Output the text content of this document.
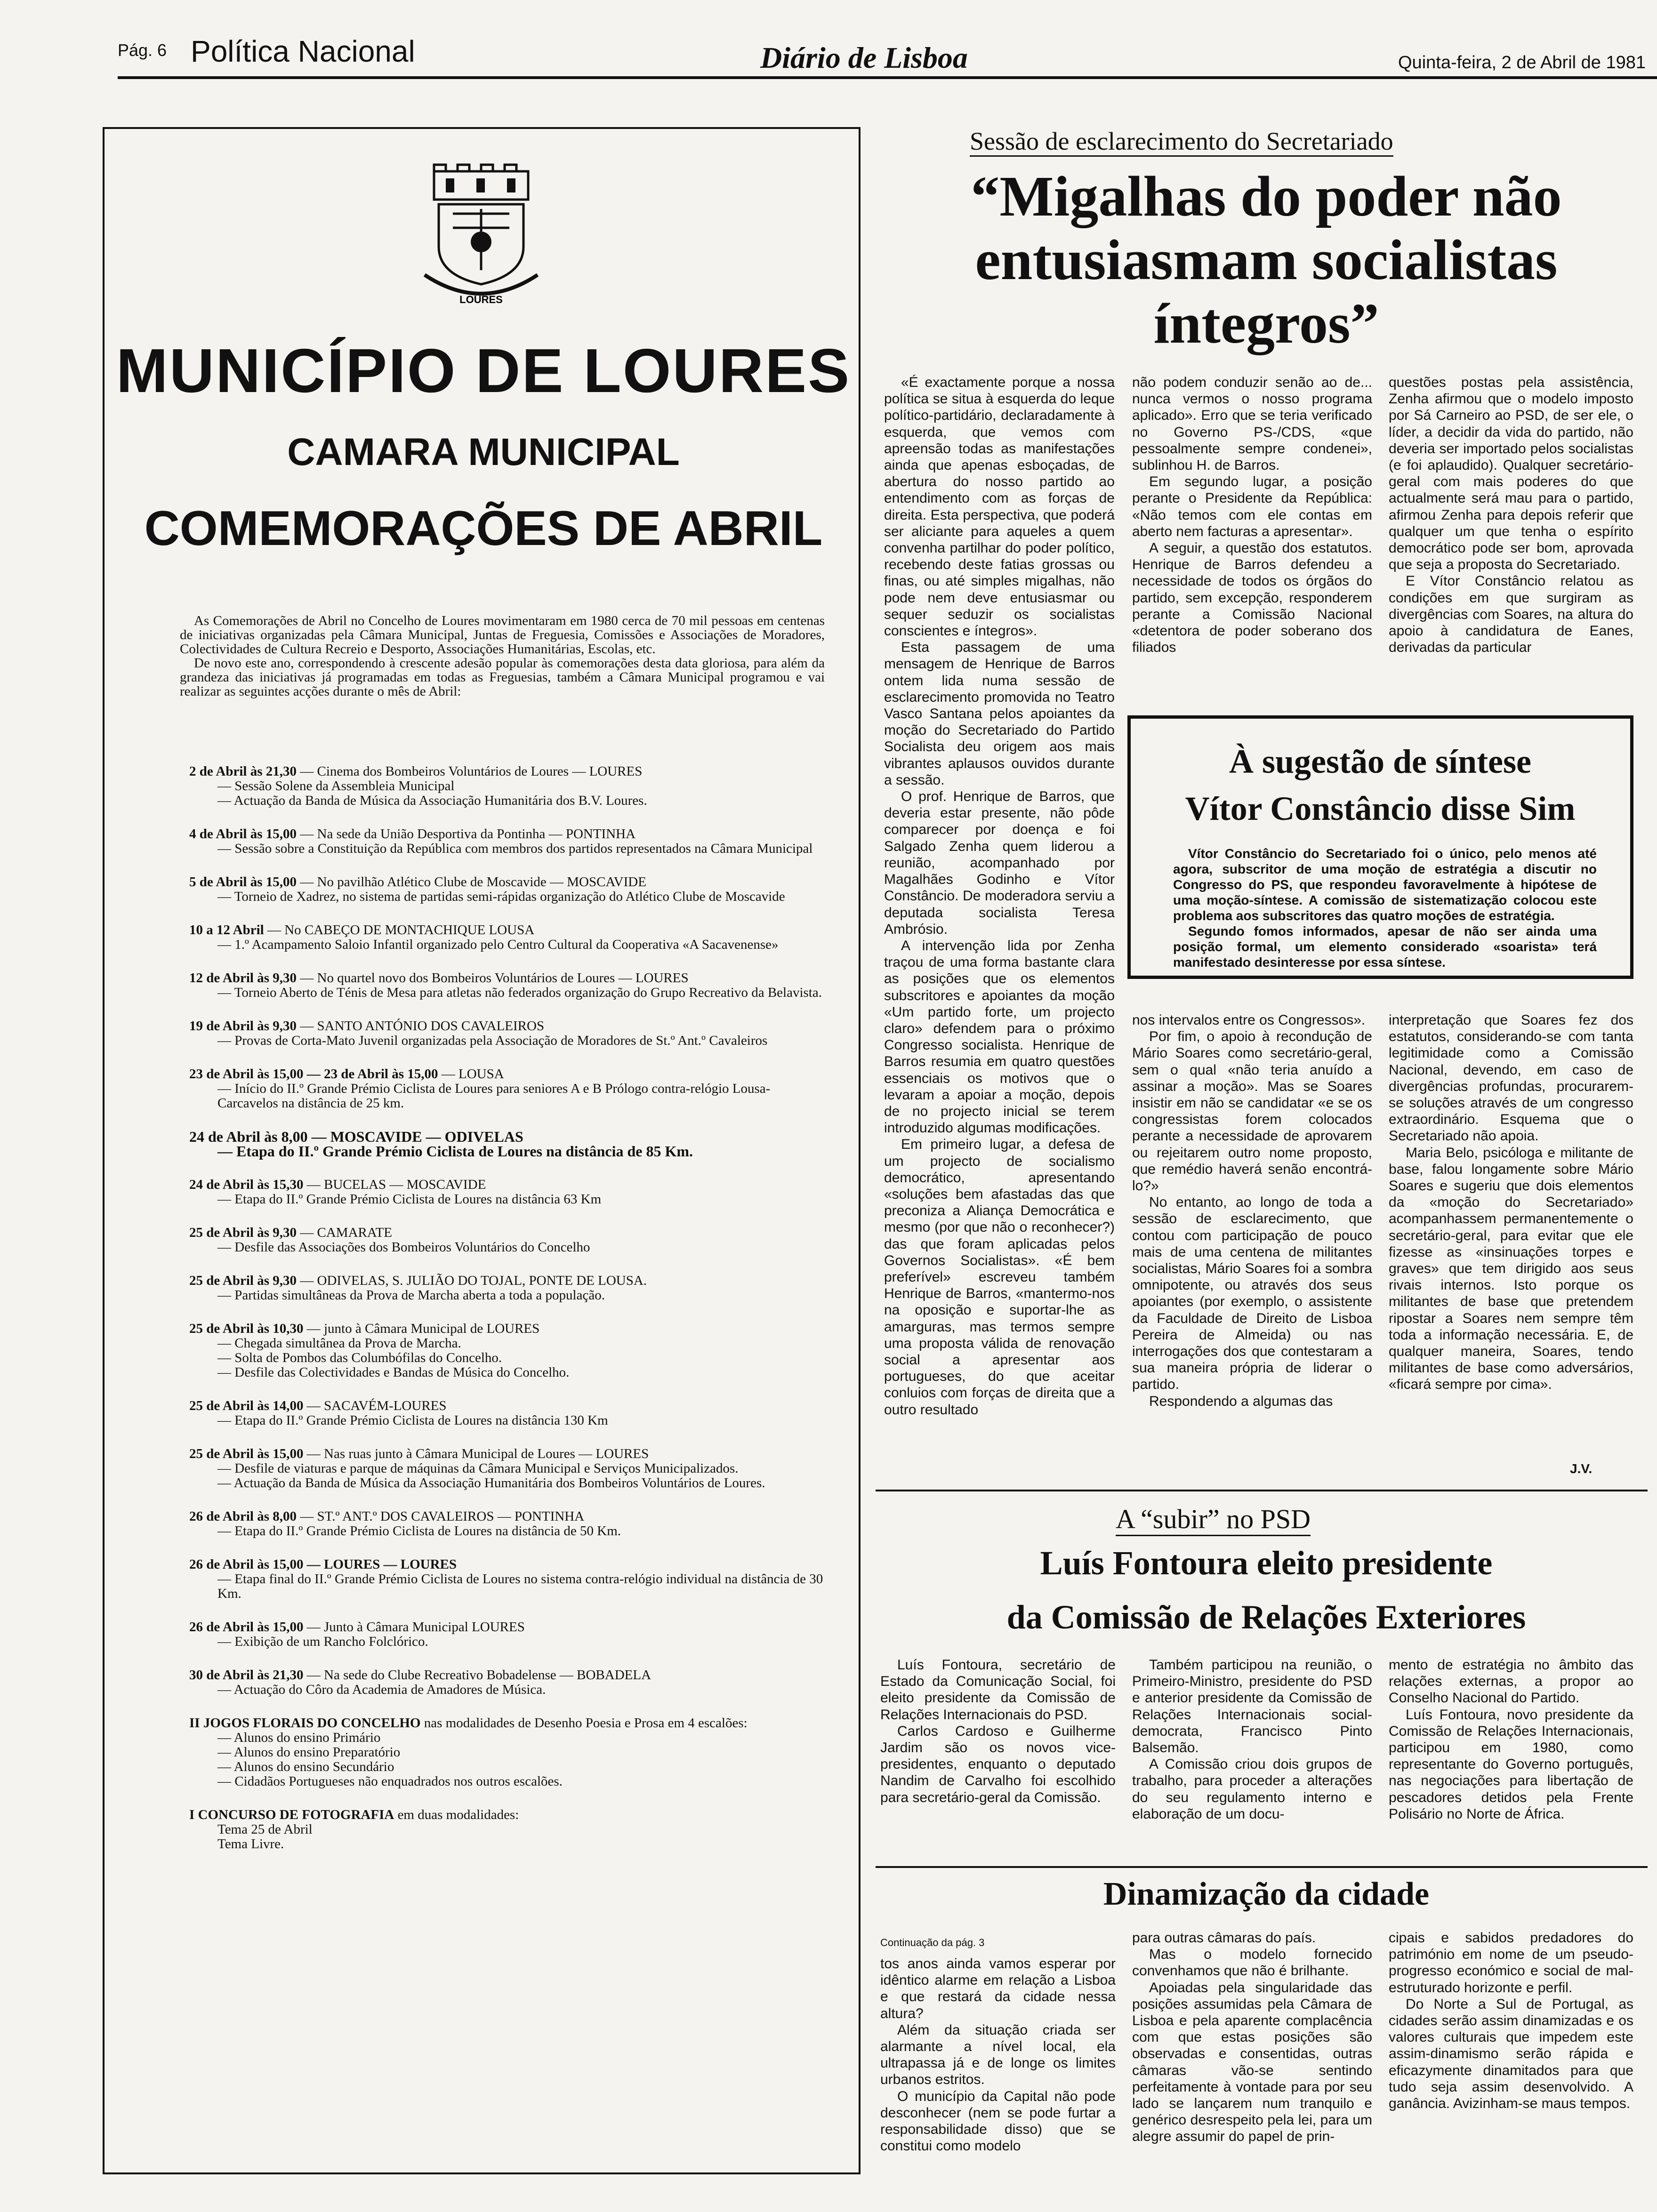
Pág. 6 Política Nacional	Diário de Lisboa	Quinta-feira, 2 de Abril de 1981
LOURES
MUNICÍPIO DE LOURES
CAMARA MUNICIPAL
COMEMORAÇÕES DE ABRIL

As Comemorações de Abril no Concelho de Loures movimentaram em 1980 cerca de 70 mil pessoas em centenas de iniciativas organizadas pela Câmara Municipal, Juntas de Freguesia, Comissões e Associações de Moradores, Colectividades de Cultura Recreio e Desporto, Associações Humanitárias, Escolas, etc.

De novo este ano, correspondendo à crescente adesão popular às comemorações desta data gloriosa, para além da grandeza das iniciativas já programadas em todas as Freguesias, também a Câmara Municipal programou e vai realizar as seguintes acções durante o mês de Abril:

2 de Abril às 21,30 — Cinema dos Bombeiros Voluntários de Loures — LOURES
— Sessão Solene da Assembleia Municipal
— Actuação da Banda de Música da Associação Humanitária dos B.V. Loures.
4 de Abril às 15,00 — Na sede da União Desportiva da Pontinha — PONTINHA
— Sessão sobre a Constituição da República com membros dos partidos representados na Câmara Municipal
5 de Abril às 15,00 — No pavilhão Atlético Clube de Moscavide — MOSCAVIDE
— Torneio de Xadrez, no sistema de partidas semi-rápidas organização do Atlético Clube de Moscavide
10 a 12 Abril — No CABEÇO DE MONTACHIQUE LOUSA
— 1.º Acampamento Saloio Infantil organizado pelo Centro Cultural da Cooperativa «A Sacavenense»
12 de Abril às 9,30 — No quartel novo dos Bombeiros Voluntários de Loures — LOURES
— Torneio Aberto de Ténis de Mesa para atletas não federados organização do Grupo Recreativo da Belavista.
19 de Abril às 9,30 — SANTO ANTÓNIO DOS CAVALEIROS
— Provas de Corta-Mato Juvenil organizadas pela Associação de Moradores de St.º Ant.º Cavaleiros
23 de Abril às 15,00 — 23 de Abril às 15,00 — LOUSA
— Início do II.º Grande Prémio Ciclista de Loures para seniores A e B Prólogo contra-relógio Lousa-Carcavelos na distância de 25 km.
24 de Abril às 8,00 — MOSCAVIDE — ODIVELAS
— Etapa do II.º Grande Prémio Ciclista de Loures na distância de 85 Km.
24 de Abril às 15,30 — BUCELAS — MOSCAVIDE
— Etapa do II.º Grande Prémio Ciclista de Loures na distância 63 Km
25 de Abril às 9,30 — CAMARATE
— Desfile das Associações dos Bombeiros Voluntários do Concelho
25 de Abril às 9,30 — ODIVELAS, S. JULIÃO DO TOJAL, PONTE DE LOUSA.
— Partidas simultâneas da Prova de Marcha aberta a toda a população.
25 de Abril às 10,30 — junto à Câmara Municipal de LOURES
— Chegada simultânea da Prova de Marcha.
— Solta de Pombos das Columbófilas do Concelho.
— Desfile das Colectividades e Bandas de Música do Concelho.
25 de Abril às 14,00 — SACAVÉM-LOURES
— Etapa do II.º Grande Prémio Ciclista de Loures na distância 130 Km
25 de Abril às 15,00 — Nas ruas junto à Câmara Municipal de Loures — LOURES
— Desfile de viaturas e parque de máquinas da Câmara Municipal e Serviços Municipalizados.
— Actuação da Banda de Música da Associação Humanitária dos Bombeiros Voluntários de Loures.
26 de Abril às 8,00 — ST.º ANT.º DOS CAVALEIROS — PONTINHA
— Etapa do II.º Grande Prémio Ciclista de Loures na distância de 50 Km.
26 de Abril às 15,00 — LOURES — LOURES
— Etapa final do II.º Grande Prémio Ciclista de Loures no sistema contra-relógio individual na distância de 30 Km.
26 de Abril às 15,00 — Junto à Câmara Municipal LOURES
— Exibição de um Rancho Folclórico.
30 de Abril às 21,30 — Na sede do Clube Recreativo Bobadelense — BOBADELA
— Actuação do Côro da Academia de Amadores de Música.
II JOGOS FLORAIS DO CONCELHO nas modalidades de Desenho Poesia e Prosa em 4 escalões:
— Alunos do ensino Primário
— Alunos do ensino Preparatório
— Alunos do ensino Secundário
— Cidadãos Portugueses não enquadrados nos outros escalões.
I CONCURSO DE FOTOGRAFIA em duas modalidades:
Tema 25 de Abril
Tema Livre.
Sessão de esclarecimento do Secretariado
“Migalhas do poder não entusiasmam socialistas íntegros”

«É exactamente porque a nossa política se situa à esquerda do leque político-partidário, declaradamente à esquerda, que vemos com apreensão todas as manifestações ainda que apenas esboçadas, de abertura do nosso partido ao entendimento com as forças de direita. Esta perspectiva, que poderá ser aliciante para aqueles a quem convenha partilhar do poder político, recebendo deste fatias grossas ou finas, ou até simples migalhas, não pode nem deve entusiasmar ou sequer seduzir os socialistas conscientes e íntegros».

Esta passagem de uma mensagem de Henrique de Barros ontem lida numa sessão de esclarecimento promovida no Teatro Vasco Santana pelos apoiantes da moção do Secretariado do Partido Socialista deu origem aos mais vibrantes aplausos ouvidos durante a sessão.

O prof. Henrique de Barros, que deveria estar presente, não pôde comparecer por doença e foi Salgado Zenha quem liderou a reunião, acompanhado por Magalhães Godinho e Vítor Constâncio. De moderadora serviu a deputada socialista Teresa Ambrósio.

A intervenção lida por Zenha traçou de uma forma bastante clara as posições que os elementos subscritores e apoiantes da moção «Um partido forte, um projecto claro» defendem para o próximo Congresso socialista. Henrique de Barros resumia em quatro questões essenciais os motivos que o levaram a apoiar a moção, depois de no projecto inicial se terem introduzido algumas modificações.

Em primeiro lugar, a defesa de um projecto de socialismo democrático, apresentando «soluções bem afastadas das que preconiza a Aliança Democrática e mesmo (por que não o reconhecer?) das que foram aplicadas pelos Governos Socialistas». «É bem preferível» escreveu também Henrique de Barros, «mantermo-nos na oposição e suportar-lhe as amarguras, mas termos sempre uma proposta válida de renovação social a apresentar aos portugueses, do que aceitar conluios com forças de direita que a outro resultado

não podem conduzir senão ao de... nunca vermos o nosso programa aplicado». Erro que se teria verificado no Governo PS-/CDS, «que pessoalmente sempre condenei», sublinhou H. de Barros.

Em segundo lugar, a posição perante o Presidente da República: «Não temos com ele contas em aberto nem facturas a apresentar».

A seguir, a questão dos estatutos. Henrique de Barros defendeu a necessidade de todos os órgãos do partido, sem excepção, responderem perante a Comissão Nacional «detentora de poder soberano dos filiados

questões postas pela assistência, Zenha afirmou que o modelo imposto por Sá Carneiro ao PSD, de ser ele, o líder, a decidir da vida do partido, não deveria ser importado pelos socialistas (e foi aplaudido). Qualquer secretário-geral com mais poderes do que actualmente será mau para o partido, afirmou Zenha para depois referir que qualquer um que tenha o espírito democrático pode ser bom, aprovada que seja a proposta do Secretariado.

E Vítor Constâncio relatou as condições em que surgiram as divergências com Soares, na altura do apoio à candidatura de Eanes, derivadas da particular

À sugestão de síntese
Vítor Constâncio disse Sim

Vítor Constâncio do Secretariado foi o único, pelo menos até agora, subscritor de uma moção de estratégia a discutir no Congresso do PS, que respondeu favoravelmente à hipótese de uma moção-síntese. A comissão de sistematização colocou este problema aos subscritores das quatro moções de estratégia.

Segundo fomos informados, apesar de não ser ainda uma posição formal, um elemento considerado «soarista» terá manifestado desinteresse por essa síntese.

nos intervalos entre os Congressos».

Por fim, o apoio à recondução de Mário Soares como secretário-geral, sem o qual «não teria anuído a assinar a moção». Mas se Soares insistir em não se candidatar «e se os congressistas forem colocados perante a necessidade de aprovarem ou rejeitarem outro nome proposto, que remédio haverá senão encontrá-lo?»

No entanto, ao longo de toda a sessão de esclarecimento, que contou com participação de pouco mais de uma centena de militantes socialistas, Mário Soares foi a sombra omnipotente, ou através dos seus apoiantes (por exemplo, o assistente da Faculdade de Direito de Lisboa Pereira de Almeida) ou nas interrogações dos que contestaram a sua maneira própria de liderar o partido.

Respondendo a algumas das

interpretação que Soares fez dos estatutos, considerando-se com tanta legitimidade como a Comissão Nacional, devendo, em caso de divergências profundas, procurarem-se soluções através de um congresso extraordinário. Esquema que o Secretariado não apoia.

Maria Belo, psicóloga e militante de base, falou longamente sobre Mário Soares e sugeriu que dois elementos da «moção do Secretariado» acompanhassem permanentemente o secretário-geral, para evitar que ele fizesse as «insinuações torpes e graves» que tem dirigido aos seus rivais internos. Isto porque os militantes de base que pretendem ripostar a Soares nem sempre têm toda a informação necessária. E, de qualquer maneira, Soares, tendo militantes de base como adversários, «ficará sempre por cima».

J.V.
A “subir” no PSD
Luís Fontoura eleito presidente
da Comissão de Relações Exteriores

Luís Fontoura, secretário de Estado da Comunicação Social, foi eleito presidente da Comissão de Relações Internacionais do PSD.

Carlos Cardoso e Guilherme Jardim são os novos vice-presidentes, enquanto o deputado Nandim de Carvalho foi escolhido para secretário-geral da Comissão.

Também participou na reunião, o Primeiro-Ministro, presidente do PSD e anterior presidente da Comissão de Relações Internacionais social-democrata, Francisco Pinto Balsemão.

A Comissão criou dois grupos de trabalho, para proceder a alterações do seu regulamento interno e elaboração de um docu-

mento de estratégia no âmbito das relações externas, a propor ao Conselho Nacional do Partido.

Luís Fontoura, novo presidente da Comissão de Relações Internacionais, participou em 1980, como representante do Governo português, nas negociações para libertação de pescadores detidos pela Frente Polisário no Norte de África.

Dinamização da cidade
Continuação da pág. 3

tos anos ainda vamos esperar por idêntico alarme em relação a Lisboa e que restará da cidade nessa altura?

Além da situação criada ser alarmante a nível local, ela ultrapassa já e de longe os limites urbanos estritos.

O município da Capital não pode desconhecer (nem se pode furtar a responsabilidade disso) que se constitui como modelo

para outras câmaras do país.

Mas o modelo fornecido convenhamos que não é brilhante.

Apoiadas pela singularidade das posições assumidas pela Câmara de Lisboa e pela aparente complacência com que estas posições são observadas e consentidas, outras câmaras vão-se sentindo perfeitamente à vontade para por seu lado se lançarem num tranquilo e genérico desrespeito pela lei, para um alegre assumir do papel de prin-

cipais e sabidos predadores do património em nome de um pseudo-progresso económico e social de mal-estruturado horizonte e perfil.

Do Norte a Sul de Portugal, as cidades serão assim dinamizadas e os valores culturais que impedem este assim-dinamismo serão rápida e eficazymente dinamitados para que tudo seja assim desenvolvido. A ganância. Avizinham-se maus tempos.
